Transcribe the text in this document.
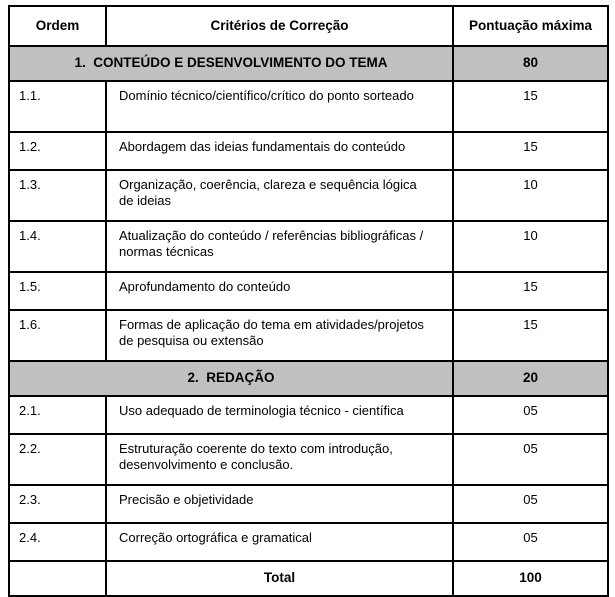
Ordem	Critérios de Correção	Pontuação máxima
1.  CONTEÚDO E DESENVOLVIMENTO DO TEMA		80
1.1.	Domínio técnico/científico/crítico do ponto sorteado	15
1.2.	Abordagem das ideias fundamentais do conteúdo	15
1.3.	Organização, coerência, clareza e sequência lógica de ideias	10
1.4.	Atualização do conteúdo / referências bibliográficas / normas técnicas	10
1.5.	Aprofundamento do conteúdo	15
1.6.	Formas de aplicação do tema em atividades/projetos de pesquisa ou extensão	15
2.  REDAÇÃO		20
2.1.	Uso adequado de terminologia técnico - científica	05
2.2.	Estruturação coerente do texto com introdução, desenvolvimento e conclusão.	05
2.3.	Precisão e objetividade	05
2.4.	Correção ortográfica e gramatical	05
	Total	100
